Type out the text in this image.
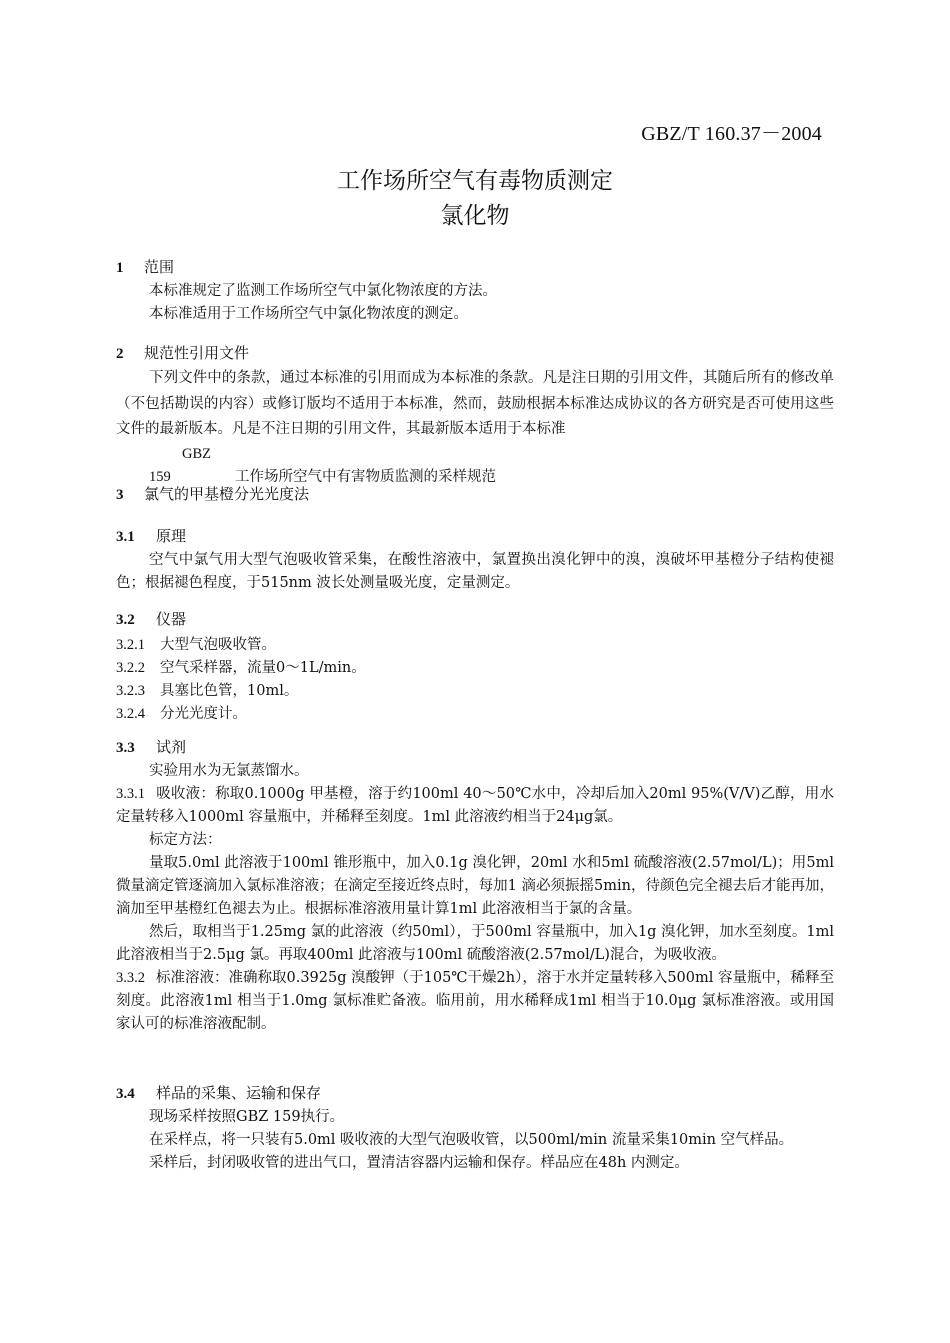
GBZ/T 160.37－2004
工作场所空气有毒物质测定
氯化物

1 范围

本标准规定了监测工作场所空气中氯化物浓度的方法。

本标准适用于工作场所空气中氯化物浓度的测定。

2 规范性引用文件

下列文件中的条款，通过本标准的引用而成为本标准的条款。凡是注日期的引用文件，其随后所有的修改单（不包括勘误的内容）或修订版均不适用于本标准，然而，鼓励根据本标准达成协议的各方研究是否可使用这些文件的最新版本。凡是不注日期的引用文件，其最新版本适用于本标准

GBZ 159	工作场所空气中有害物质监测的采样规范

3 氯气的甲基橙分光光度法

3.1 原理

空气中氯气用大型气泡吸收管采集，在酸性溶液中，氯置换出溴化钾中的溴，溴破坏甲基橙分子结构使褪色；根据褪色程度，于515nm 波长处测量吸光度，定量测定。

3.2 仪器

3.2.1 大型气泡吸收管。

3.2.2 空气采样器，流量0～1L/min。

3.2.3 具塞比色管，10ml。

3.2.4 分光光度计。

3.3 试剂

实验用水为无氯蒸馏水。

3.3.1 吸收液：称取0.1000g 甲基橙，溶于约100ml 40～50℃水中，冷却后加入20ml 95%(V/V)乙醇，用水定量转移入1000ml 容量瓶中，并稀释至刻度。1ml 此溶液约相当于24μg氯。

标定方法：

量取5.0ml 此溶液于100ml 锥形瓶中，加入0.1g 溴化钾，20ml 水和5ml 硫酸溶液(2.57mol/L)；用5ml 微量滴定管逐滴加入氯标准溶液；在滴定至接近终点时，每加1 滴必须振摇5min，待颜色完全褪去后才能再加，滴加至甲基橙红色褪去为止。根据标准溶液用量计算1ml 此溶液相当于氯的含量。

然后，取相当于1.25mg 氯的此溶液（约50ml），于500ml 容量瓶中，加入1g 溴化钾，加水至刻度。1ml 此溶液相当于2.5μg 氯。再取400ml 此溶液与100ml 硫酸溶液(2.57mol/L)混合，为吸收液。

3.3.2 标准溶液：准确称取0.3925g 溴酸钾（于105℃干燥2h），溶于水并定量转移入500ml 容量瓶中，稀释至刻度。此溶液1ml 相当于1.0mg 氯标准贮备液。临用前，用水稀释成1ml 相当于10.0μg 氯标准溶液。或用国家认可的标准溶液配制。

3.4 样品的采集、运输和保存

现场采样按照GBZ 159执行。

在采样点，将一只装有5.0ml 吸收液的大型气泡吸收管，以500ml/min 流量采集10min 空气样品。

采样后，封闭吸收管的进出气口，置清洁容器内运输和保存。样品应在48h 内测定。
